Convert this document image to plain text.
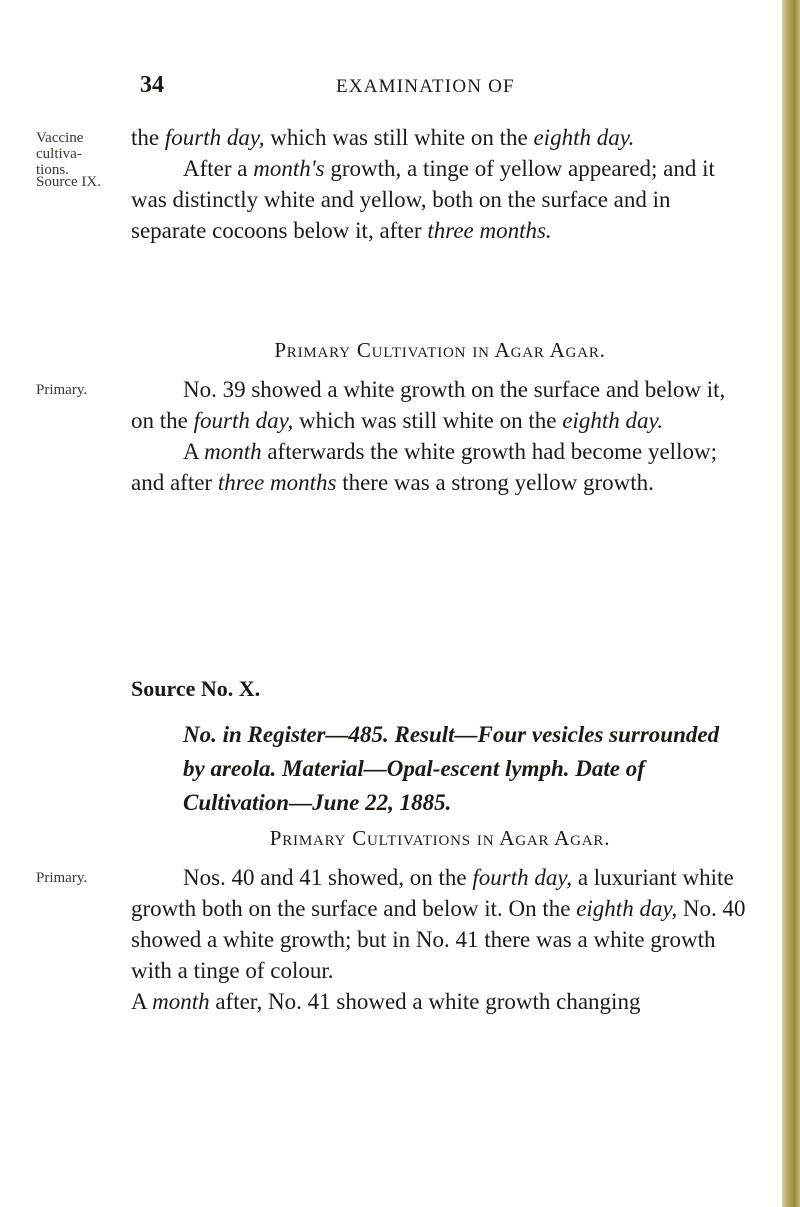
34	EXAMINATION OF
Vaccine
cultiva-
tions.
Source IX.
Primary.
Primary.

the fourth day, which was still white on the eighth day.

After a month's growth, a tinge of yellow appeared; and it was distinctly white and yellow, both on the surface and in separate cocoons below it, after three months.

Primary Cultivation in Agar Agar.

No. 39 showed a white growth on the surface and below it, on the fourth day, which was still white on the eighth day.

A month afterwards the white growth had become yellow; and after three months there was a strong yellow growth.

Source No. X.
No. in Register—485. Result—Four vesicles surrounded by areola. Material—Opal-escent lymph. Date of Cultivation—June 22, 1885.
Primary Cultivations in Agar Agar.

Nos. 40 and 41 showed, on the fourth day, a luxuriant white growth both on the surface and below it. On the eighth day, No. 40 showed a white growth; but in No. 41 there was a white growth with a tinge of colour.

A month after, No. 41 showed a white growth changing
